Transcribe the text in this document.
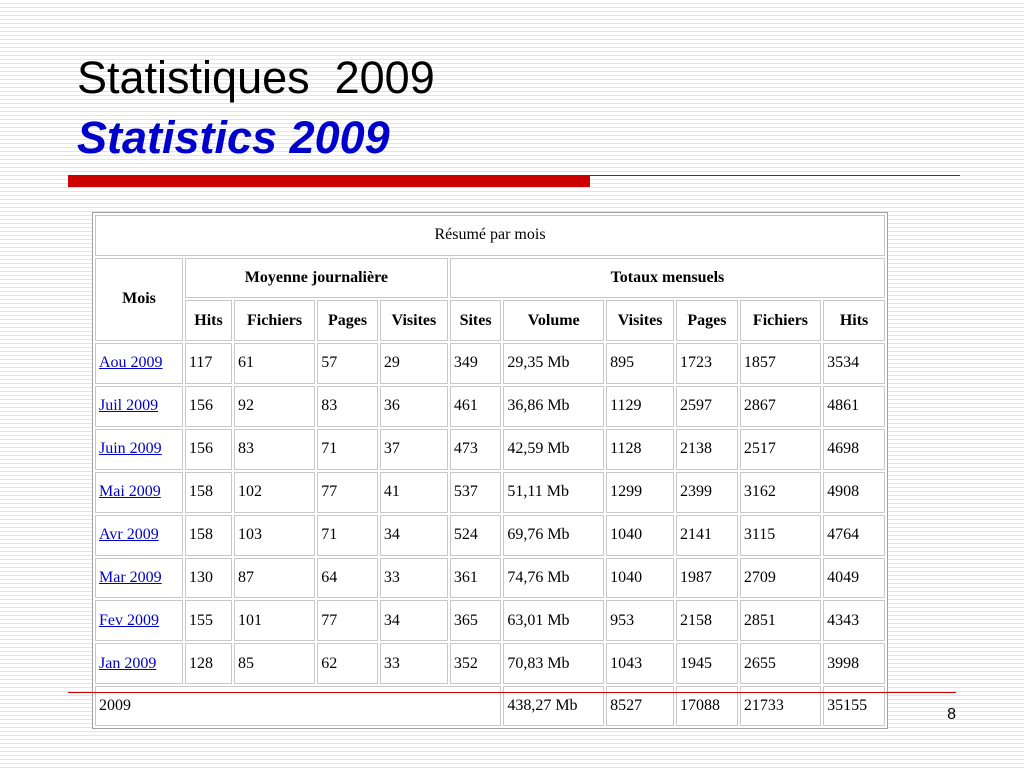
Statistiques  2009
Statistics 2009
Résumé par mois										
Mois	Moyenne journalière				Totaux mensuels					
	Hits	Fichiers	Pages	Visites	Sites	Volume	Visites	Pages	Fichiers	Hits
Aou 2009	117	61	57	29	349	29,35 Mb	895	1723	1857	3534
Juil 2009	156	92	83	36	461	36,86 Mb	1129	2597	2867	4861
Juin 2009	156	83	71	37	473	42,59 Mb	1128	2138	2517	4698
Mai 2009	158	102	77	41	537	51,11 Mb	1299	2399	3162	4908
Avr 2009	158	103	71	34	524	69,76 Mb	1040	2141	3115	4764
Mar 2009	130	87	64	33	361	74,76 Mb	1040	1987	2709	4049
Fev 2009	155	101	77	34	365	63,01 Mb	953	2158	2851	4343
Jan 2009	128	85	62	33	352	70,83 Mb	1043	1945	2655	3998
2009						438,27 Mb	8527	17088	21733	35155
8
